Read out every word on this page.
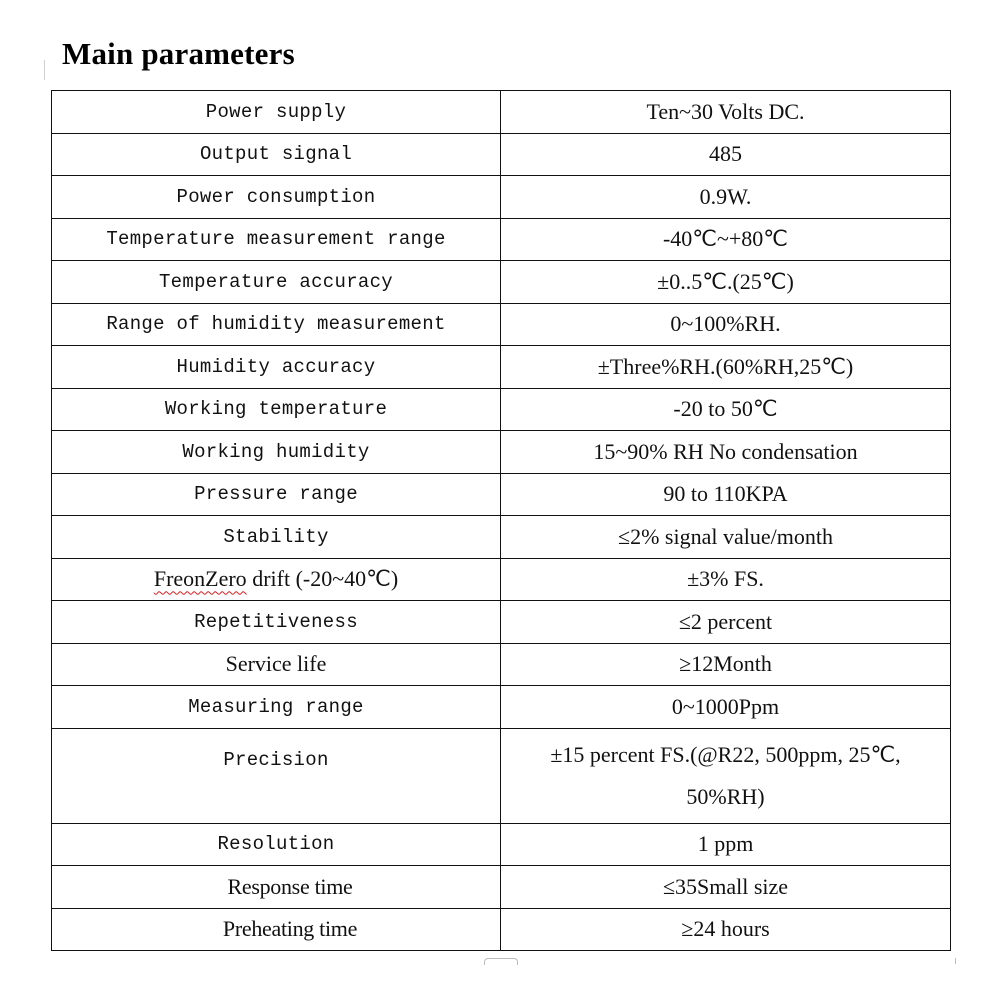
Main parameters
Power supply	Ten~30 Volts DC.
Output signal	485
Power consumption	0.9W.
Temperature measurement range	-40℃~+80℃
Temperature accuracy	±0..5℃.(25℃)
Range of humidity measurement	0~100%RH.
Humidity accuracy	±Three%RH.(60%RH,25℃)
Working temperature	-20 to 50℃
Working humidity	15~90% RH No condensation
Pressure range	90 to 110KPA
Stability	≤2% signal value/month
FreonZero drift (-20~40℃)	±3% FS.
Repetitiveness	≤2 percent
Service life	≥12Month
Measuring range	0~1000Ppm
Precision	±15 percent FS.(@R22, 500ppm, 25℃,
50%RH)

Resolution	1 ppm
Response time	≤35Small size
Preheating time	≥24 hours
